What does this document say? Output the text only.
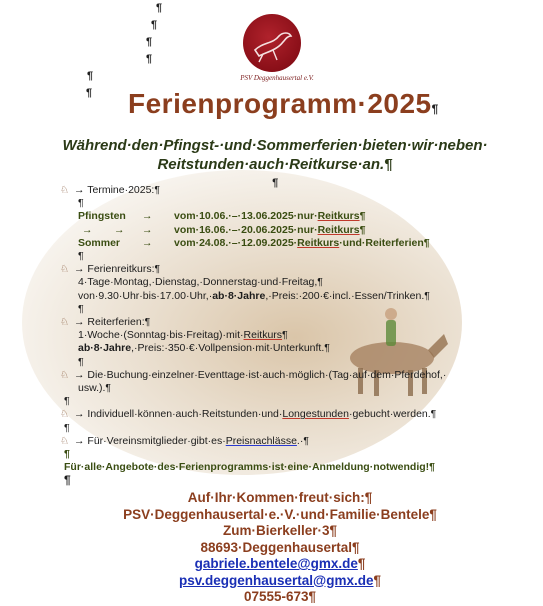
¶
¶
¶
¶
¶
¶
PSV Deggenhausertal e.V.
Ferienprogramm·2025¶
Während·den·Pfingst-·und·Sommerferien·bieten·wir·neben·
Reitstunden·auch·Reitkurse·an.¶
¶
♘ → Termine·2025:¶
¶
Pfingsten → vom·10.06.·–·13.06.2025·nur·Reitkurs¶
→ → → vom·16.06.·–·20.06.2025·nur·Reitkurs¶
Sommer → vom·24.08.·–·12.09.2025·Reitkurs·und·Reiterferien¶
¶
♘ → Ferienreitkurs:¶
4·Tage·Montag,·Dienstag,·Donnerstag·und·Freitag,¶
von·9.30·Uhr·bis·17.00·Uhr,·ab·8·Jahre,·Preis:·200·€·incl.·Essen/Trinken.¶
¶
♘ → Reiterferien:¶
1·Woche·(Sonntag·bis·Freitag)·mit·Reitkurs¶
ab·8·Jahre,·Preis:·350·€·Vollpension·mit·Unterkunft.¶
¶
♘ → Die·Buchung·einzelner·Eventtage·ist·auch·möglich·(Tag·auf·dem·Pferdehof,·
usw.).¶
¶
♘ → Individuell·können·auch·Reitstunden·und·Longestunden·gebucht·werden.¶
¶
♘ → Für·Vereinsmitglieder·gibt·es·Preisnachlässe.·¶
¶
Für·alle·Angebote·des·Ferienprogramms·ist·eine·Anmeldung·notwendig!¶
¶
Auf·Ihr·Kommen·freut·sich:¶
PSV·Deggenhausertal·e.·V.·und·Familie·Bentele¶
Zum·Bierkeller·3¶
88693·Deggenhausertal¶
gabriele.bentele@gmx.de¶
psv.deggenhausertal@gmx.de¶
07555-673¶
